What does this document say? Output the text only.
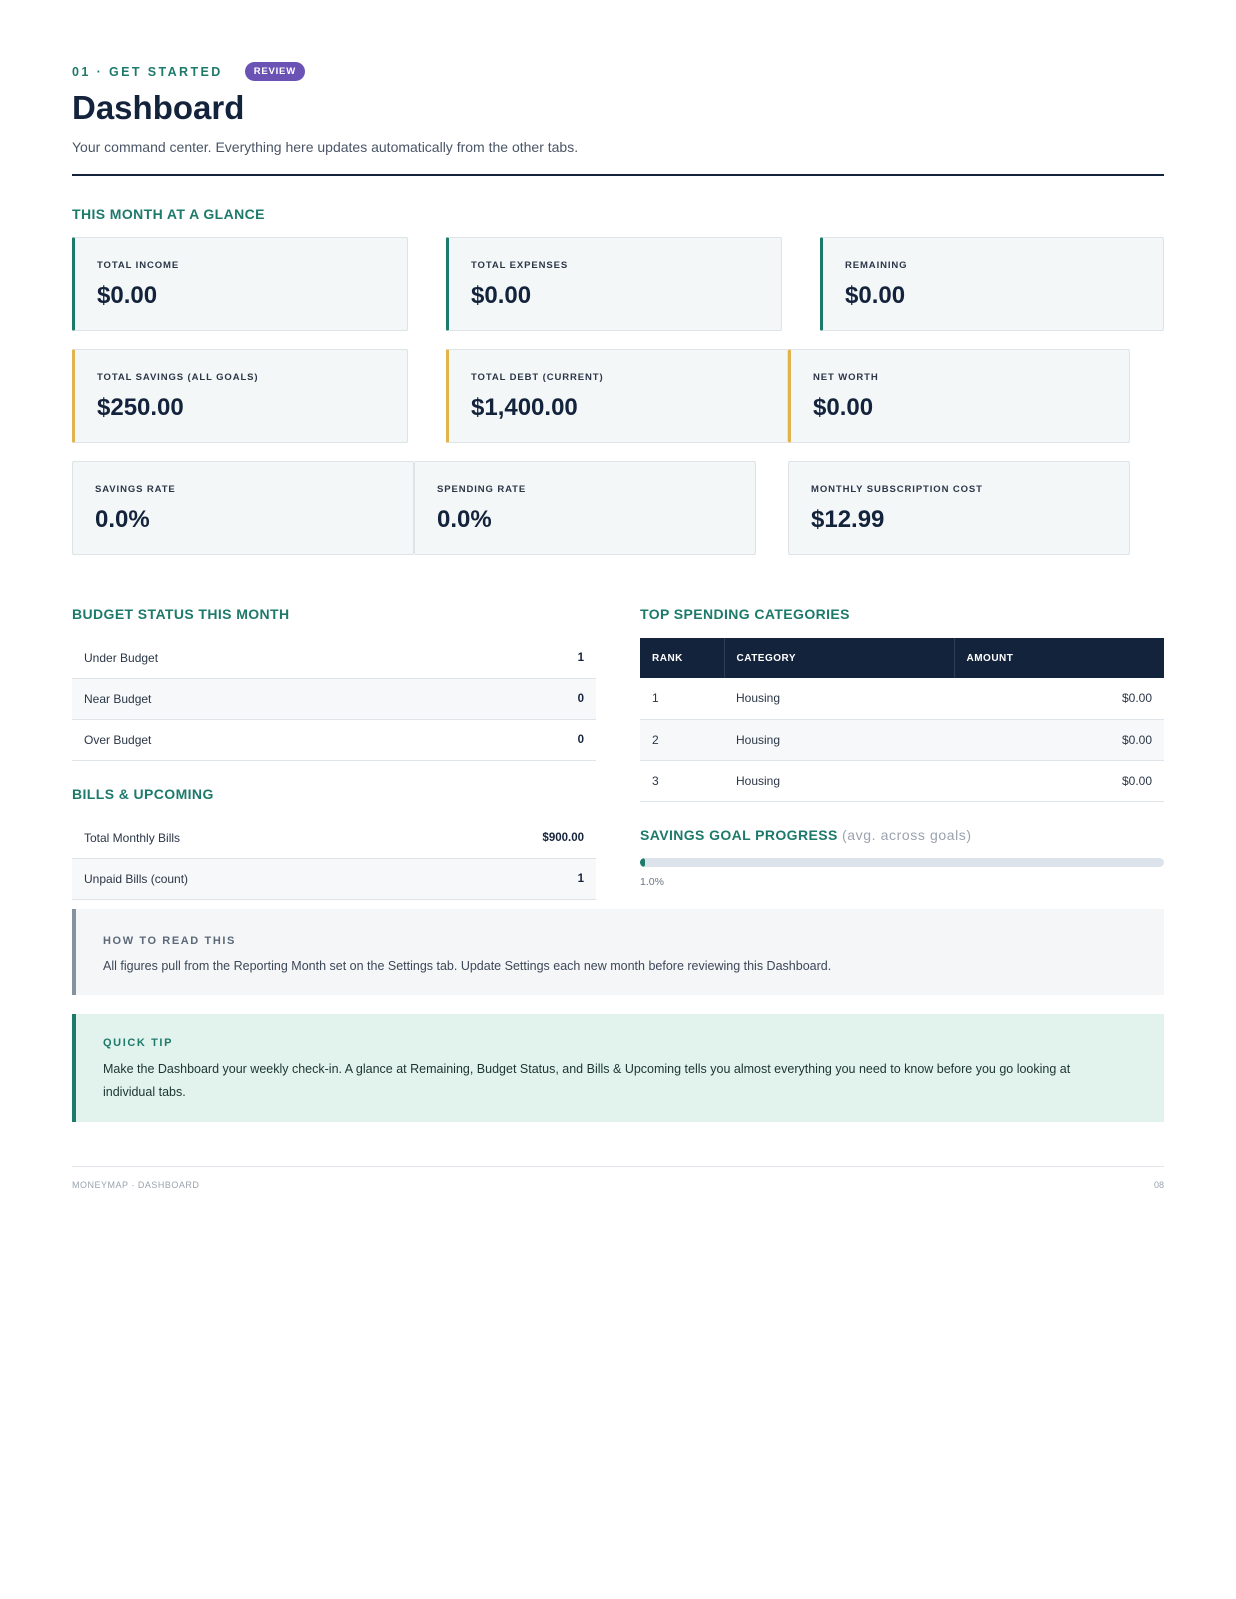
01 · GET STARTED	REVIEW
Dashboard

Your command center. Everything here updates automatically from the other tabs.

THIS MONTH AT A GLANCE
TOTAL INCOME
$0.00
TOTAL EXPENSES
$0.00
REMAINING
$0.00
TOTAL SAVINGS (ALL GOALS)
$250.00
TOTAL DEBT (CURRENT)
$1,400.00
NET WORTH
$0.00
SAVINGS RATE
0.0%
SPENDING RATE
0.0%
MONTHLY SUBSCRIPTION COST
$12.99
BUDGET STATUS THIS MONTH
Under Budget	1
Near Budget	0
Over Budget	0
BILLS & UPCOMING
Total Monthly Bills	$900.00
Unpaid Bills (count)	1
TOP SPENDING CATEGORIES
RANK	CATEGORY	AMOUNT
1	Housing	$0.00
2	Housing	$0.00
3	Housing	$0.00
SAVINGS GOAL PROGRESS (avg. across goals)
1.0%
HOW TO READ THIS
All figures pull from the Reporting Month set on the Settings tab. Update Settings each new month before reviewing this Dashboard.
QUICK TIP
Make the Dashboard your weekly check-in. A glance at Remaining, Budget Status, and Bills & Upcoming tells you almost everything you need to know before you go looking at individual tabs.
MONEYMAP · DASHBOARD	08
